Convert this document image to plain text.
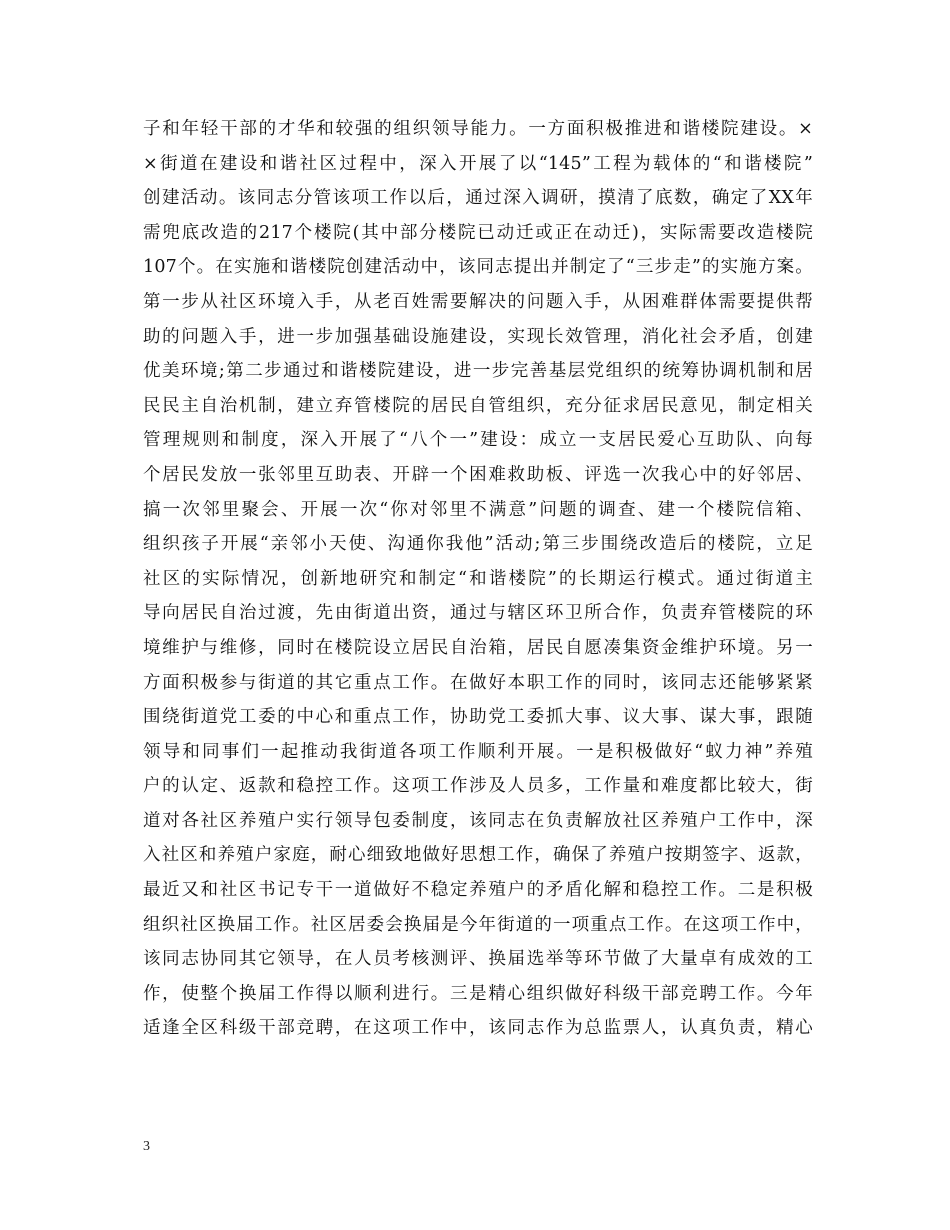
子和年轻干部的才华和较强的组织领导能力。一方面积极推进和谐楼院建设。×
×街道在建设和谐社区过程中，深入开展了以“145”工程为载体的“和谐楼院”
创建活动。该同志分管该项工作以后，通过深入调研，摸清了底数，确定了XX年
需兜底改造的217个楼院(其中部分楼院已动迁或正在动迁)，实际需要改造楼院
107个。在实施和谐楼院创建活动中，该同志提出并制定了“三步走”的实施方案。
第一步从社区环境入手，从老百姓需要解决的问题入手，从困难群体需要提供帮
助的问题入手，进一步加强基础设施建设，实现长效管理，消化社会矛盾，创建
优美环境;第二步通过和谐楼院建设，进一步完善基层党组织的统筹协调机制和居
民民主自治机制，建立弃管楼院的居民自管组织，充分征求居民意见，制定相关
管理规则和制度，深入开展了“八个一”建设：成立一支居民爱心互助队、向每
个居民发放一张邻里互助表、开辟一个困难救助板、评选一次我心中的好邻居、
搞一次邻里聚会、开展一次“你对邻里不满意”问题的调查、建一个楼院信箱、
组织孩子开展“亲邻小天使、沟通你我他”活动;第三步围绕改造后的楼院，立足
社区的实际情况，创新地研究和制定“和谐楼院”的长期运行模式。通过街道主
导向居民自治过渡，先由街道出资，通过与辖区环卫所合作，负责弃管楼院的环
境维护与维修，同时在楼院设立居民自治箱，居民自愿凑集资金维护环境。另一
方面积极参与街道的其它重点工作。在做好本职工作的同时，该同志还能够紧紧
围绕街道党工委的中心和重点工作，协助党工委抓大事、议大事、谋大事，跟随
领导和同事们一起推动我街道各项工作顺利开展。一是积极做好“蚁力神”养殖
户的认定、返款和稳控工作。这项工作涉及人员多，工作量和难度都比较大，街
道对各社区养殖户实行领导包委制度，该同志在负责解放社区养殖户工作中，深
入社区和养殖户家庭，耐心细致地做好思想工作，确保了养殖户按期签字、返款，
最近又和社区书记专干一道做好不稳定养殖户的矛盾化解和稳控工作。二是积极
组织社区换届工作。社区居委会换届是今年街道的一项重点工作。在这项工作中，
该同志协同其它领导，在人员考核测评、换届选举等环节做了大量卓有成效的工
作，使整个换届工作得以顺利进行。三是精心组织做好科级干部竞聘工作。今年
适逢全区科级干部竞聘，在这项工作中，该同志作为总监票人，认真负责，精心
3
